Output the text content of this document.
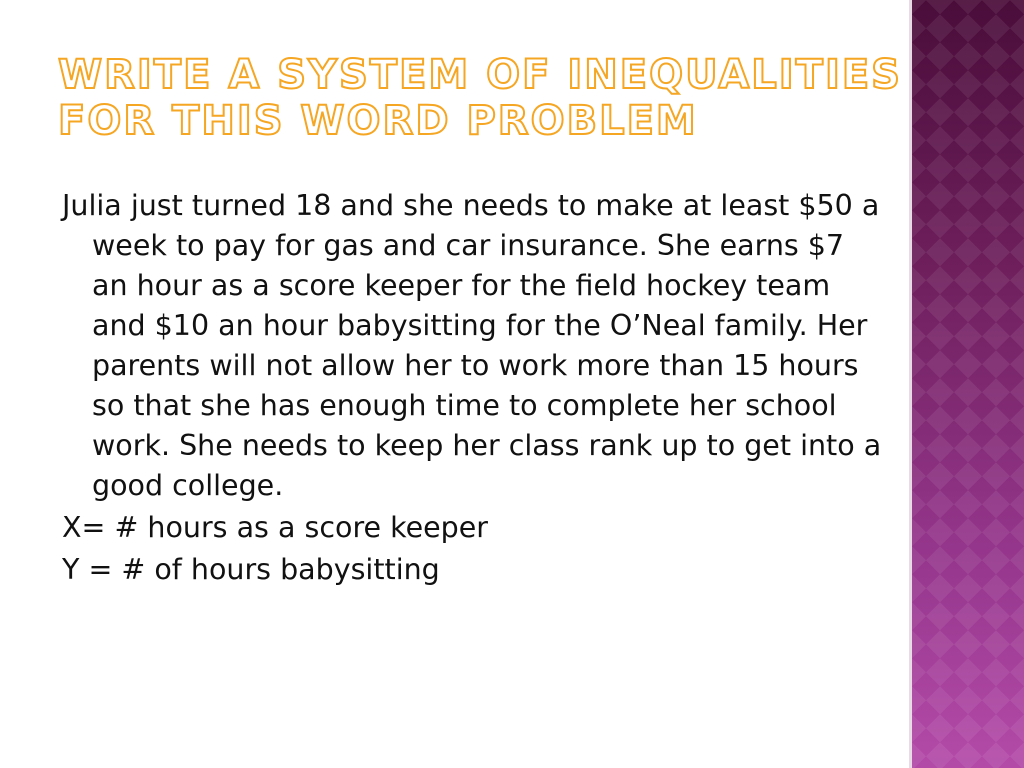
WRITE A SYSTEM OF INEQUALITIES
FOR THIS WORD PROBLEM

Julia just turned 18 and she needs to make at least $50 a week to pay for gas and car insurance. She earns $7 an hour as a score keeper for the field hockey team and $10 an hour babysitting for the O’Neal family. Her parents will not allow her to work more than 15 hours so that she has enough time to complete her school work. She needs to keep her class rank up to get into a good college.

X= # hours as a score keeper

Y = # of hours babysitting
